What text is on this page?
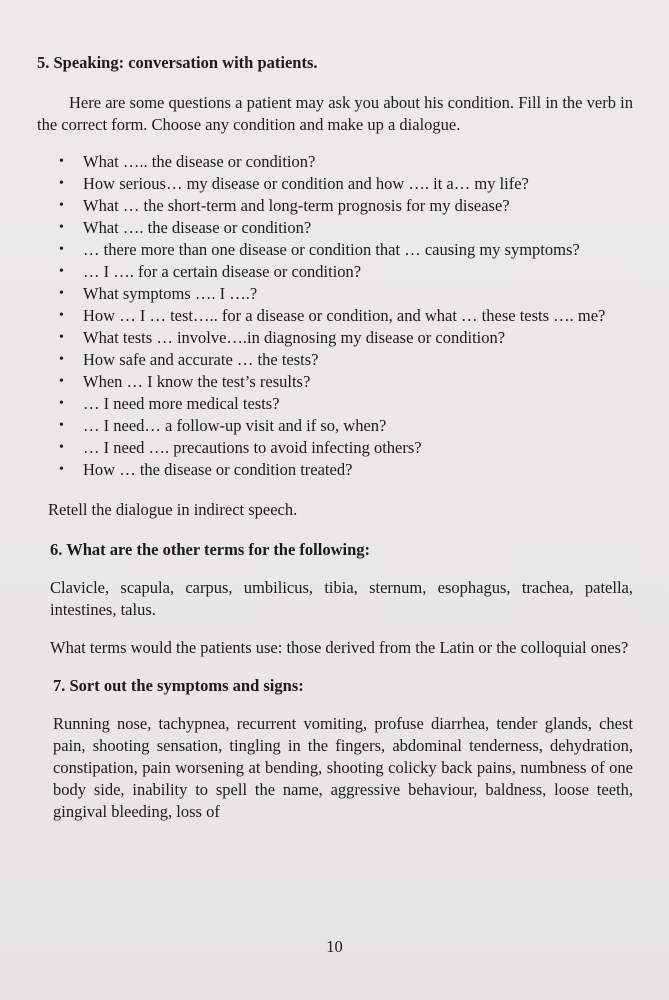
5. Speaking: conversation with patients.

Here are some questions a patient may ask you about his condition. Fill in the verb in the correct form. Choose any condition and make up a dialogue.

• What ….. the disease or condition?
• How serious… my disease or condition and how …. it a… my life?
• What … the short-term and long-term prognosis for my disease?
• What …. the disease or condition?
• … there more than one disease or condition that … causing my symptoms?
• … I …. for a certain disease or condition?
• What symptoms …. I ….?
• How … I … test….. for a disease or condition, and what … these tests …. me?
• What tests … involve….in diagnosing my disease or condition?
• How safe and accurate … the tests?
• When … I know the test’s results?
• … I need more medical tests?
• … I need… a follow-up visit and if so, when?
• … I need …. precautions to avoid infecting others?
• How … the disease or condition treated?

Retell the dialogue in indirect speech.

6. What are the other terms for the following:

Clavicle, scapula, carpus, umbilicus, tibia, sternum, esophagus, trachea, patella, intestines, talus.

What terms would the patients use: those derived from the Latin or the colloquial ones?

7. Sort out the symptoms and signs:

Running nose, tachypnea, recurrent vomiting, profuse diarrhea, tender glands, chest pain, shooting sensation, tingling in the fingers, abdominal tenderness, dehydration, constipation, pain worsening at bending, shooting colicky back pains, numbness of one body side, inability to spell the name, aggressive behaviour, baldness, loose teeth, gingival bleeding, loss of

10
